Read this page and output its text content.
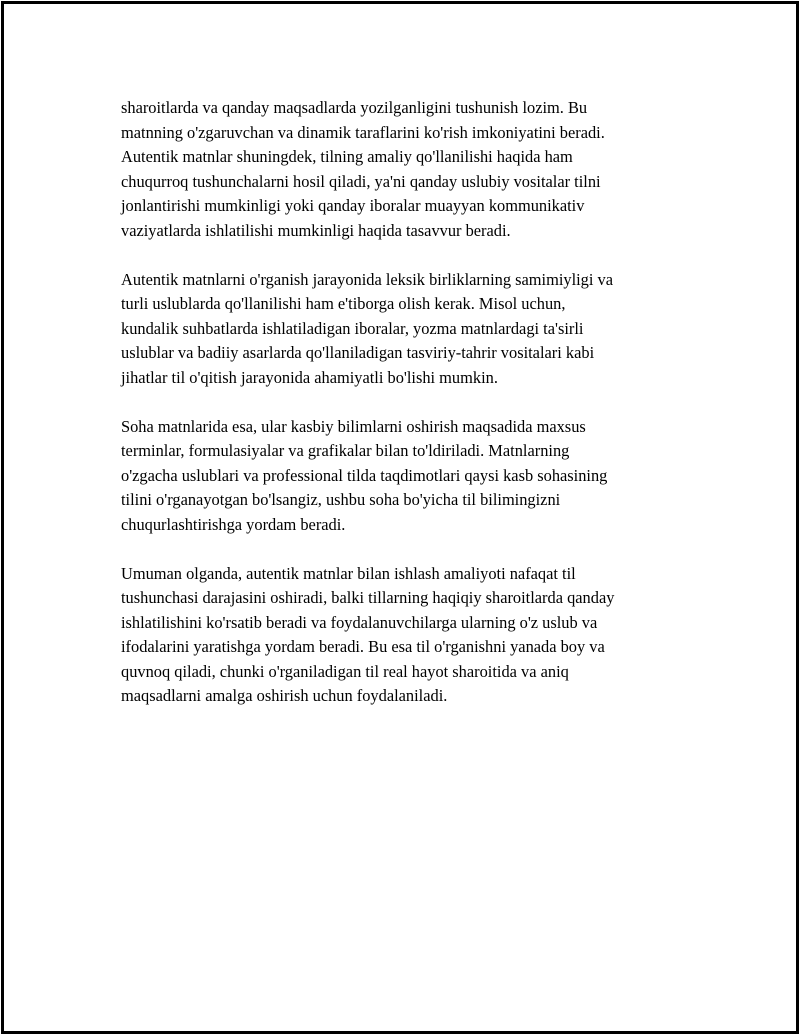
sharoitlarda va qanday maqsadlarda yozilganligini tushunish lozim. Bu
matnning o'zgaruvchan va dinamik taraflarini ko'rish imkoniyatini beradi.
Autentik matnlar shuningdek, tilning amaliy qo'llanilishi haqida ham
chuqurroq tushunchalarni hosil qiladi, ya'ni qanday uslubiy vositalar tilni
jonlantirishi mumkinligi yoki qanday iboralar muayyan kommunikativ
vaziyatlarda ishlatilishi mumkinligi haqida tasavvur beradi.

Autentik matnlarni o'rganish jarayonida leksik birliklarning samimiyligi va
turli uslublarda qo'llanilishi ham e'tiborga olish kerak. Misol uchun,
kundalik suhbatlarda ishlatiladigan iboralar, yozma matnlardagi ta'sirli
uslublar va badiiy asarlarda qo'llaniladigan tasviriy-tahrir vositalari kabi
jihatlar til o'qitish jarayonida ahamiyatli bo'lishi mumkin.

Soha matnlarida esa, ular kasbiy bilimlarni oshirish maqsadida maxsus
terminlar, formulasiyalar va grafikalar bilan to'ldiriladi. Matnlarning
o'zgacha uslublari va professional tilda taqdimotlari qaysi kasb sohasining
tilini o'rganayotgan bo'lsangiz, ushbu soha bo'yicha til bilimingizni
chuqurlashtirishga yordam beradi.

Umuman olganda, autentik matnlar bilan ishlash amaliyoti nafaqat til
tushunchasi darajasini oshiradi, balki tillarning haqiqiy sharoitlarda qanday
ishlatilishini ko'rsatib beradi va foydalanuvchilarga ularning o'z uslub va
ifodalarini yaratishga yordam beradi. Bu esa til o'rganishni yanada boy va
quvnoq qiladi, chunki o'rganiladigan til real hayot sharoitida va aniq
maqsadlarni amalga oshirish uchun foydalaniladi.
